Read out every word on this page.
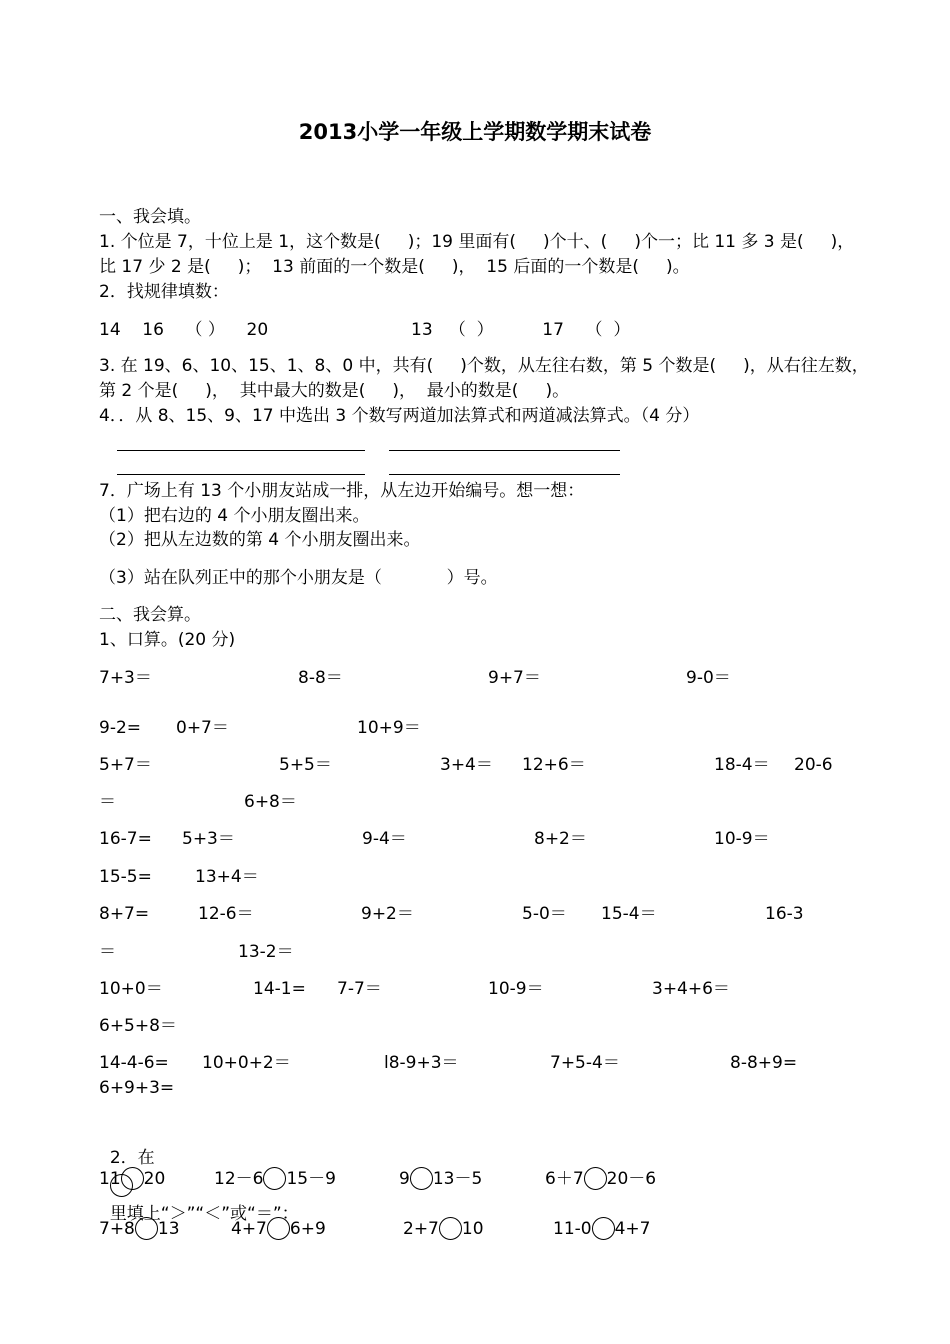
2013小学一年级上学期数学期末试卷
一、我会填。
1. 个位是 7，十位上是 1，这个数是(     )；19 里面有(     )个十、(     )个一；比 11 多 3 是(     )，
比 17 少 2 是(     )；  13 前面的一个数是(     )，  15 后面的一个数是(     )。
2．找规律填数：
14    16    （ ）    20	13   （  ）         17    （  ）
3. 在 19、6、10、15、1、8、0 中，共有(     )个数，从左往右数，第 5 个数是(     )，从右往左数，
第 2 个是(     )，  其中最大的数是(     )，  最小的数是(     )。
4．．从 8、15、9、17 中选出 3 个数写两道加法算式和两道减法算式。（4 分）
7．广场上有 13 个小朋友站成一排，从左边开始编号。想一想：
（1）把右边的 4 个小朋友圈出来。
（2）把从左边数的第 4 个小朋友圈出来。
（3）站在队列正中的那个小朋友是（            ）号。
二、我会算。
1、口算。(20 分)
7+3＝	8-8＝	9+7＝	9-0＝
9-2= 0+7＝	10+9＝
5+7＝	5+5＝	3+4＝ 12+6＝	18-4＝ 20-6
＝	6+8＝
16-7= 5+3＝	9-4＝	8+2＝	10-9＝
15-5=	13+4＝
8+7=	12-6＝	9+2＝	5-0＝ 15-4＝	16-3
＝	13-2＝
10+0＝	14-1= 7-7＝	10-9＝	3+4+6＝
6+5+8＝
14-4-6= 10+0+2＝	l8-9+3＝	7+5-4＝	8-8+9=
6+9+3=

2．在

里填上“＞”“＜”或“＝”：

11 20	12－6 15－9	9 13－5	6＋7 20－6
7+8 13	4+7 6+9	2+7 10	11-0 4+7
